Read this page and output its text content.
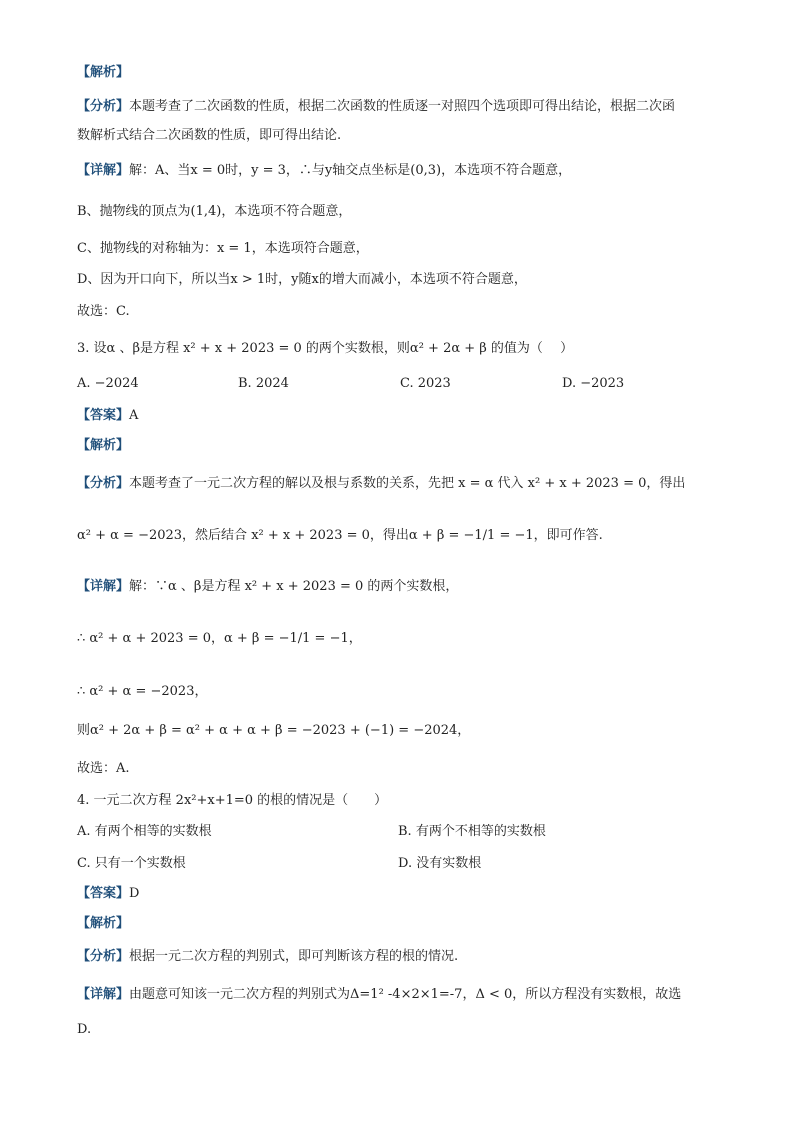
【解析】
【分析】本题考查了二次函数的性质，根据二次函数的性质逐一对照四个选项即可得出结论，根据二次函
数解析式结合二次函数的性质，即可得出结论.
【详解】解：A、当x = 0时，y = 3，∴与y轴交点坐标是(0,3)，本选项不符合题意，
B、抛物线的顶点为(1,4)，本选项不符合题意，
C、抛物线的对称轴为：x = 1，本选项符合题意，
D、因为开口向下，所以当x > 1时，y随x的增大而减小，本选项不符合题意，
故选：C.
3. 设α 、β是方程 x² + x + 2023 = 0 的两个实数根，则α² + 2α + β 的值为（　 ）
A. −2024	B. 2024	C. 2023	D. −2023
【答案】A
【解析】
【分析】本题考查了一元二次方程的解以及根与系数的关系，先把 x = α 代入 x² + x + 2023 = 0，得出
α² + α = −2023，然后结合 x² + x + 2023 = 0，得出α + β = −1/1 = −1，即可作答.
【详解】解：∵α 、β是方程 x² + x + 2023 = 0 的两个实数根，
∴ α² + α + 2023 = 0，α + β = −1/1 = −1，
∴ α² + α = −2023，
则α² + 2α + β = α² + α + α + β = −2023 + (−1) = −2024，
故选：A.
4. 一元二次方程 2x²+x+1=0 的根的情况是（　　）
A. 有两个相等的实数根	B. 有两个不相等的实数根
C. 只有一个实数根	D. 没有实数根
【答案】D
【解析】
【分析】根据一元二次方程的判别式，即可判断该方程的根的情况.
【详解】由题意可知该一元二次方程的判别式为Δ=1² -4×2×1=-7，Δ < 0，所以方程没有实数根，故选
D.
